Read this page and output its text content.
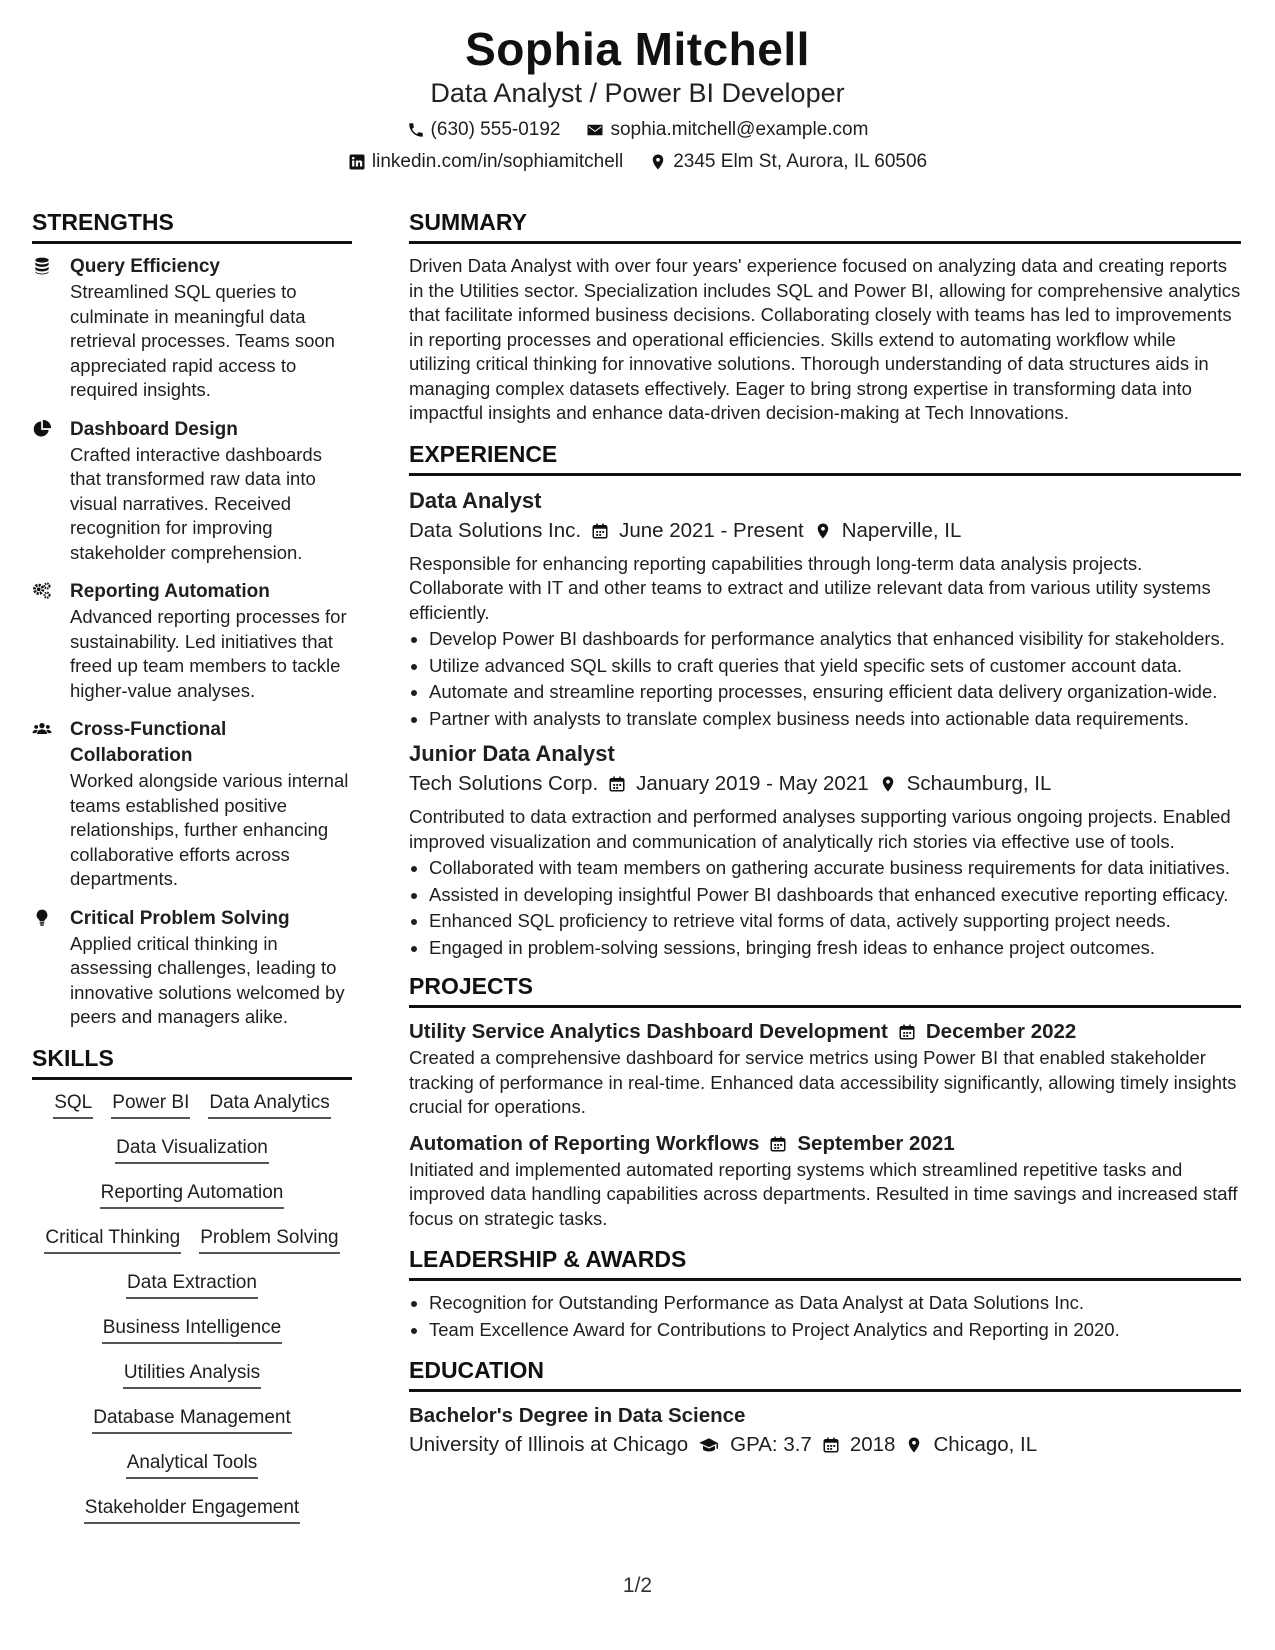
Sophia Mitchell
Data Analyst / Power BI Developer
(630) 555-0192	sophia.mitchell@example.com
linkedin.com/in/sophiamitchell	2345 Elm St, Aurora, IL 60506
STRENGTHS
Query Efficiency
Streamlined SQL queries to culminate in meaningful data retrieval processes. Teams soon appreciated rapid access to required insights.
Dashboard Design
Crafted interactive dashboards that transformed raw data into visual narratives. Received recognition for improving stakeholder comprehension.
Reporting Automation
Advanced reporting processes for sustainability. Led initiatives that freed up team members to tackle higher-value analyses.
Cross-Functional Collaboration
Worked alongside various internal teams established positive relationships, further enhancing collaborative efforts across departments.
Critical Problem Solving
Applied critical thinking in assessing challenges, leading to innovative solutions welcomed by peers and managers alike.
SKILLS
SQL Power BI Data Analytics
Data Visualization
Reporting Automation
Critical Thinking Problem Solving
Data Extraction
Business Intelligence
Utilities Analysis
Database Management
Analytical Tools
Stakeholder Engagement
SUMMARY
Driven Data Analyst with over four years' experience focused on analyzing data and creating reports in the Utilities sector. Specialization includes SQL and Power BI, allowing for comprehensive analytics that facilitate informed business decisions. Collaborating closely with teams has led to improvements in reporting processes and operational efficiencies. Skills extend to automating workflow while utilizing critical thinking for innovative solutions. Thorough understanding of data structures aids in managing complex datasets effectively. Eager to bring strong expertise in transforming data into impactful insights and enhance data-driven decision-making at Tech Innovations.
EXPERIENCE
Data Analyst
Data Solutions Inc. June 2021 - Present Naperville, IL
Responsible for enhancing reporting capabilities through long-term data analysis projects. Collaborate with IT and other teams to extract and utilize relevant data from various utility systems efficiently.
• Develop Power BI dashboards for performance analytics that enhanced visibility for stakeholders.
• Utilize advanced SQL skills to craft queries that yield specific sets of customer account data.
• Automate and streamline reporting processes, ensuring efficient data delivery organization-wide.
• Partner with analysts to translate complex business needs into actionable data requirements.
Junior Data Analyst
Tech Solutions Corp. January 2019 - May 2021 Schaumburg, IL
Contributed to data extraction and performed analyses supporting various ongoing projects. Enabled improved visualization and communication of analytically rich stories via effective use of tools.
• Collaborated with team members on gathering accurate business requirements for data initiatives.
• Assisted in developing insightful Power BI dashboards that enhanced executive reporting efficacy.
• Enhanced SQL proficiency to retrieve vital forms of data, actively supporting project needs.
• Engaged in problem-solving sessions, bringing fresh ideas to enhance project outcomes.
PROJECTS
Utility Service Analytics Dashboard Development December 2022
Created a comprehensive dashboard for service metrics using Power BI that enabled stakeholder tracking of performance in real-time. Enhanced data accessibility significantly, allowing timely insights crucial for operations.
Automation of Reporting Workflows September 2021
Initiated and implemented automated reporting systems which streamlined repetitive tasks and improved data handling capabilities across departments. Resulted in time savings and increased staff focus on strategic tasks.
LEADERSHIP & AWARDS
• Recognition for Outstanding Performance as Data Analyst at Data Solutions Inc.
• Team Excellence Award for Contributions to Project Analytics and Reporting in 2020.
EDUCATION
Bachelor's Degree in Data Science
University of Illinois at Chicago GPA: 3.7 2018 Chicago, IL
1/2
